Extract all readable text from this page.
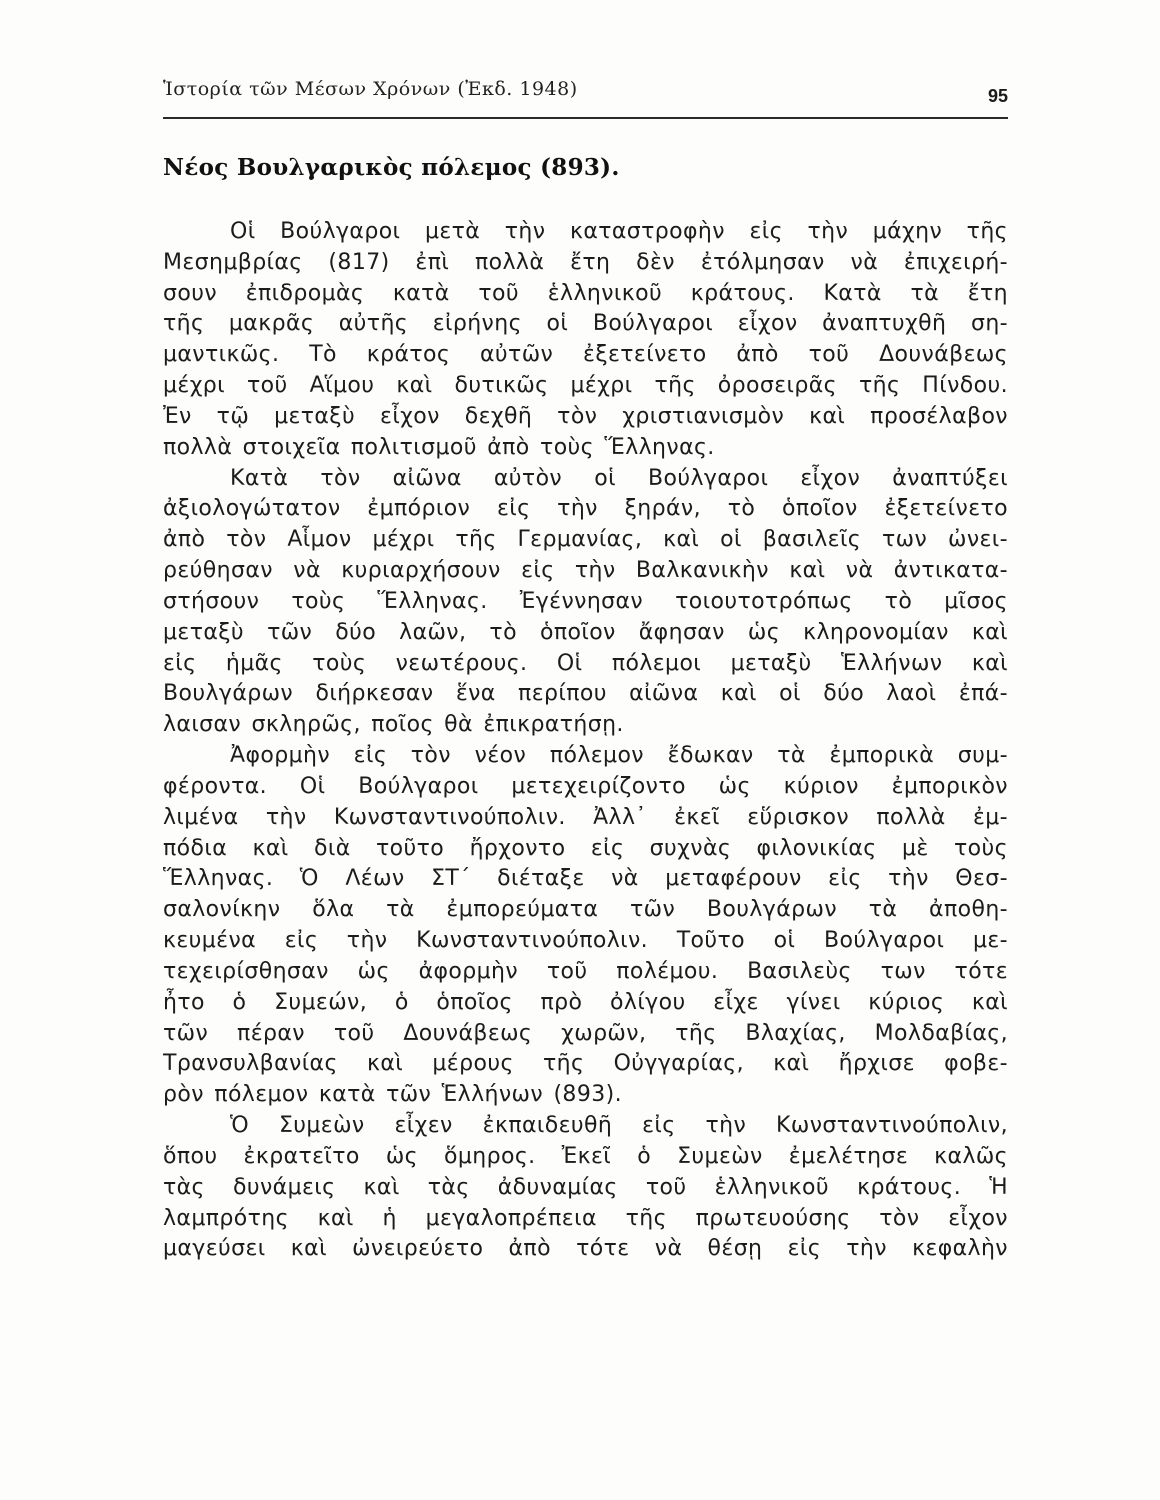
Ἱστορία τῶν Μέσων Χρόνων (Ἐκδ. 1948)	95
Νέος Βουλγαρικὸς πόλεμος (893).
Οἱ Βούλγαροι μετὰ τὴν καταστροφὴν εἰς τὴν μάχην τῆς
Μεσημβρίας (817) ἐπὶ πολλὰ ἔτη δὲν ἐτόλμησαν νὰ ἐπιχειρή-
σουν ἐπιδρομὰς κατὰ τοῦ ἑλληνικοῦ κράτους. Κατὰ τὰ ἔτη
τῆς μακρᾶς αὐτῆς εἰρήνης οἱ Βούλγαροι εἶχον ἀναπτυχθῆ ση-
μαντικῶς. Τὸ κράτος αὐτῶν ἐξετείνετο ἀπὸ τοῦ Δουνάβεως
μέχρι τοῦ Αἵμου καὶ δυτικῶς μέχρι τῆς ὀροσειρᾶς τῆς Πίνδου.
Ἐν τῷ μεταξὺ εἶχον δεχθῆ τὸν χριστιανισμὸν καὶ προσέλαβον
πολλὰ στοιχεῖα πολιτισμοῦ ἀπὸ τοὺς Ἕλληνας.
Κατὰ τὸν αἰῶνα αὐτὸν οἱ Βούλγαροι εἶχον ἀναπτύξει
ἀξιολογώτατον ἐμπόριον εἰς τὴν ξηράν, τὸ ὁποῖον ἐξετείνετο
ἀπὸ τὸν Αἷμον μέχρι τῆς Γερμανίας, καὶ οἱ βασιλεῖς των ὠνει-
ρεύθησαν νὰ κυριαρχήσουν εἰς τὴν Βαλκανικὴν καὶ νὰ ἀντικατα-
στήσουν τοὺς Ἕλληνας. Ἐγέννησαν τοιουτοτρόπως τὸ μῖσος
μεταξὺ τῶν δύο λαῶν, τὸ ὁποῖον ἄφησαν ὡς κληρονομίαν καὶ
εἰς ἡμᾶς τοὺς νεωτέρους. Οἱ πόλεμοι μεταξὺ Ἑλλήνων καὶ
Βουλγάρων διήρκεσαν ἕνα περίπου αἰῶνα καὶ οἱ δύο λαοὶ ἐπά-
λαισαν σκληρῶς, ποῖος θὰ ἐπικρατήσῃ.
Ἀφορμὴν εἰς τὸν νέον πόλεμον ἔδωκαν τὰ ἐμπορικὰ συμ-
φέροντα. Οἱ Βούλγαροι μετεχειρίζοντο ὡς κύριον ἐμπορικὸν
λιμένα τὴν Κωνσταντινούπολιν. Ἀλλ᾿ ἐκεῖ εὕρισκον πολλὰ ἐμ-
πόδια καὶ διὰ τοῦτο ἤρχοντο εἰς συχνὰς φιλονικίας μὲ τοὺς
Ἕλληνας. Ὁ Λέων ΣΤ΄ διέταξε νὰ μεταφέρουν εἰς τὴν Θεσ-
σαλονίκην ὅλα τὰ ἐμπορεύματα τῶν Βουλγάρων τὰ ἀποθη-
κευμένα εἰς τὴν Κωνσταντινούπολιν. Τοῦτο οἱ Βούλγαροι με-
τεχειρίσθησαν ὡς ἀφορμὴν τοῦ πολέμου. Βασιλεὺς των τότε
ἦτο ὁ Συμεών, ὁ ὁποῖος πρὸ ὀλίγου εἶχε γίνει κύριος καὶ
τῶν πέραν τοῦ Δουνάβεως χωρῶν, τῆς Βλαχίας, Μολδαβίας,
Τρανσυλβανίας καὶ μέρους τῆς Οὐγγαρίας, καὶ ἤρχισε φοβε-
ρὸν πόλεμον κατὰ τῶν Ἑλλήνων (893).
Ὁ Συμεὼν εἶχεν ἐκπαιδευθῆ εἰς τὴν Κωνσταντινούπολιν,
ὅπου ἐκρατεῖτο ὡς ὅμηρος. Ἐκεῖ ὁ Συμεὼν ἐμελέτησε καλῶς
τὰς δυνάμεις καὶ τὰς ἀδυναμίας τοῦ ἑλληνικοῦ κράτους. Ἡ
λαμπρότης καὶ ἡ μεγαλοπρέπεια τῆς πρωτευούσης τὸν εἶχον
μαγεύσει καὶ ὠνειρεύετο ἀπὸ τότε νὰ θέσῃ εἰς τὴν κεφαλὴν
